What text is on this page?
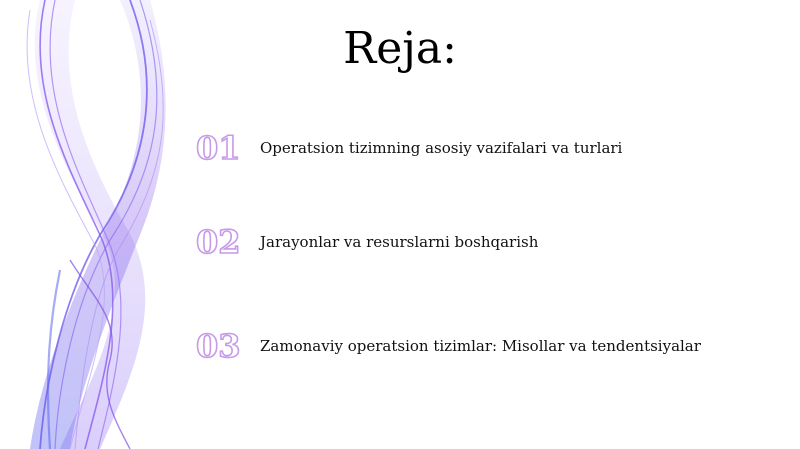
Reja:
01	Operatsion tizimning asosiy vazifalari va turlari
02	Jarayonlar va resurslarni boshqarish
03	Zamonaviy operatsion tizimlar: Misollar va tendentsiyalar
